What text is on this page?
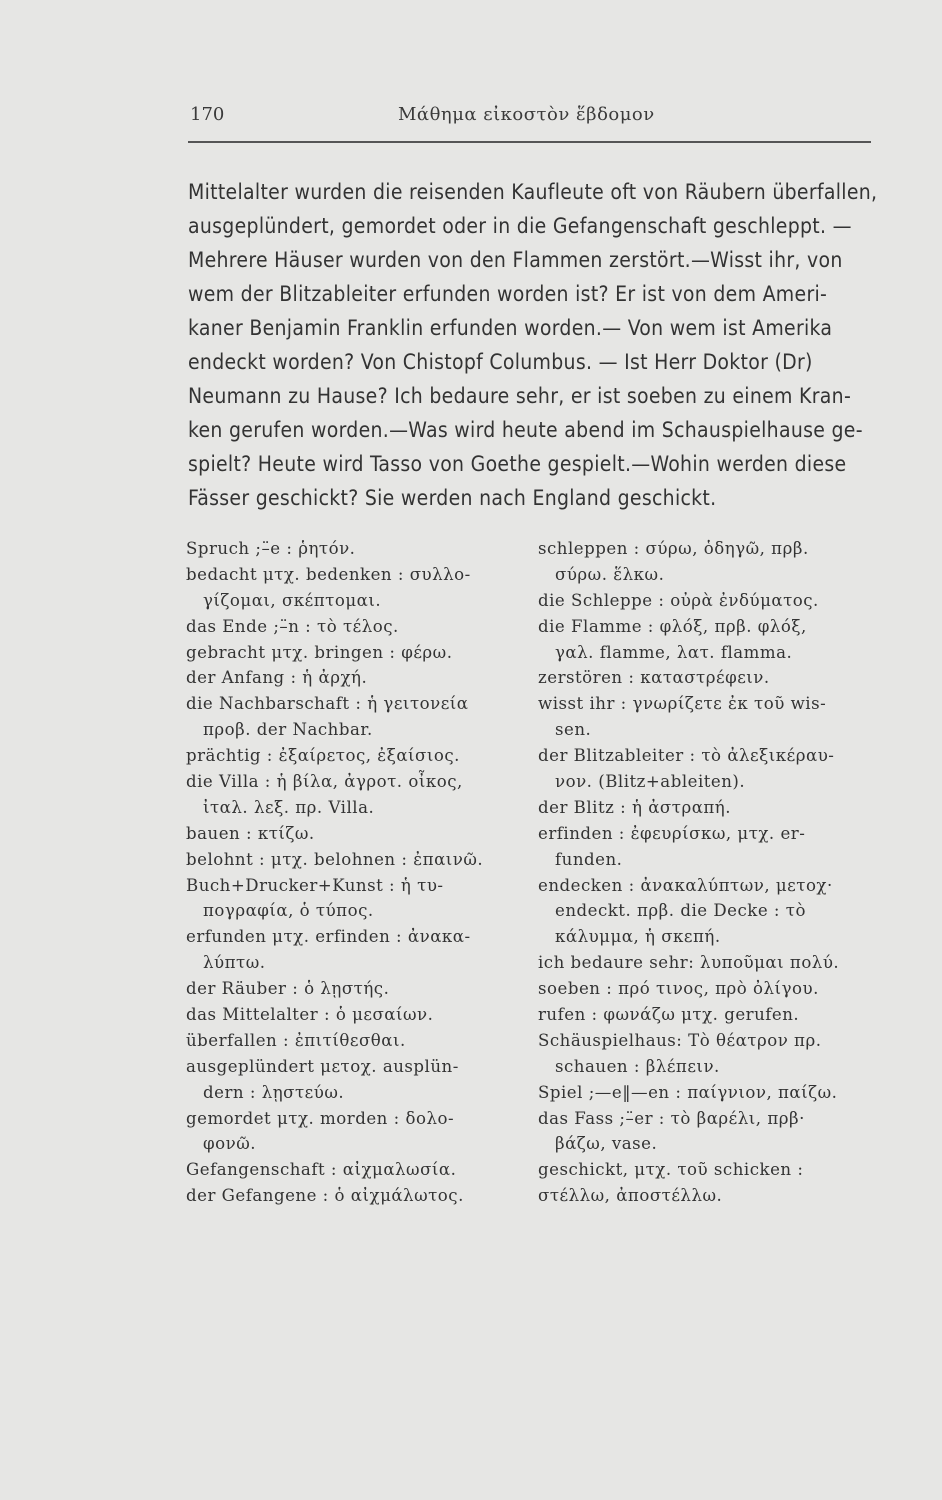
170	Μάθημα εἰκοστὸν ἕβδομον
Mittelalter wurden die reisenden Kaufleute oft von Räubern überfallen,
ausgeplündert, gemordet oder in die Gefangenschaft geschleppt. —
Mehrere Häuser wurden von den Flammen zerstört.—Wisst ihr, von
wem der Blitzableiter erfunden worden ist? Er ist von dem Ameri-
kaner Benjamin Franklin erfunden worden.— Von wem ist Amerika
endeckt worden? Von Chistopf Columbus. — Ist Herr Doktor (Dr)
Neumann zu Hause? Ich bedaure sehr, er ist soeben zu einem Kran-
ken gerufen worden.—Was wird heute abend im Schauspielhause ge-
spielt? Heute wird Tasso von Goethe gespielt.—Wohin werden diese
Fässer geschickt? Sie werden nach England geschickt.
Spruch ;–̈e : ῥητόν.
bedacht μτχ. bedenken : συλλο-
γίζομαι, σκέπτομαι.
das Ende ;–̈n : τὸ τέλος.
gebracht μτχ. bringen : φέρω.
der Anfang : ἡ ἀρχή.
die Nachbarschaft : ἡ γειτονεία
προβ. der Nachbar.
prächtig : ἐξαίρετος, ἐξαίσιος.
die Villa : ἡ βίλα, ἀγροτ. οἶκος,
ἰταλ. λεξ. πρ. Villa.
bauen : κτίζω.
belohnt : μτχ. belohnen : ἐπαινῶ.
Buch+Drucker+Kunst : ἡ τυ-
πογραφία, ὁ τύπος.
erfunden μτχ. erfinden : ἀνακα-
λύπτω.
der Räuber : ὁ λῃστής.
das Mittelalter : ὁ μεσαίων.
überfallen : ἐπιτίθεσθαι.
ausgeplündert μετοχ. ausplün-
dern : λῃστεύω.
gemordet μτχ. morden : δολο-
φονῶ.
Gefangenschaft : αἰχμαλωσία.
der Gefangene : ὁ αἰχμάλωτος.
schleppen : σύρω, ὁδηγῶ, πρβ.
σύρω. ἕλκω.
die Schleppe : οὐρὰ ἐνδύματος.
die Flamme : φλόξ, πρβ. φλόξ,
γαλ. flamme, λατ. flamma.
zerstören : καταστρέφειν.
wisst ihr : γνωρίζετε ἐκ τοῦ wis-
sen.
der Blitzableiter : τὸ ἀλεξικέραυ-
νον. (Blitz+ableiten).
der Blitz : ἡ ἀστραπή.
erfinden : ἐφευρίσκω, μτχ. er-
funden.
endecken : ἀνακαλύπτων, μετοχ·
endeckt. πρβ. die Decke : τὸ
κάλυμμα, ἡ σκεπή.
ich bedaure sehr: λυποῦμαι πολύ.
soeben : πρό τινος, πρὸ ὀλίγου.
rufen : φωνάζω μτχ. gerufen.
Schäuspielhaus: Τὸ θέατρον πρ.
schauen : βλέπειν.
Spiel ;—e‖—en : παίγνιον, παίζω.
das Fass ;–̈er : τὸ βαρέλι, πρβ·
βάζω, vase.
geschickt, μτχ. τοῦ schicken :
στέλλω, ἀποστέλλω.
